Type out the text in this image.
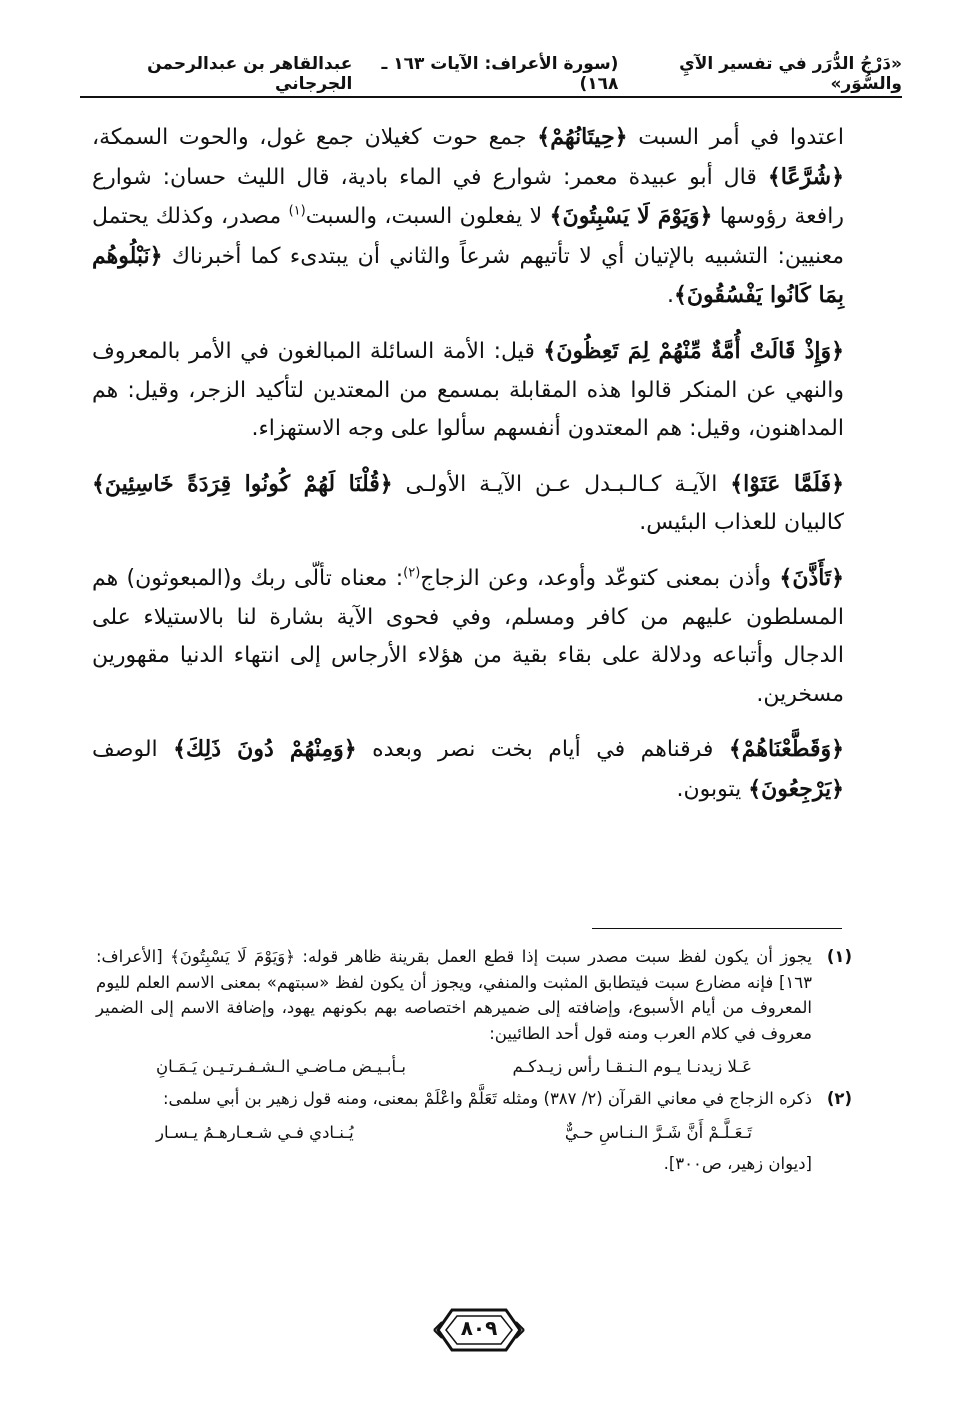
«دَرْجُ الدُّرَر في تفسير الآيِ والسُّوَر»
(سورة الأعراف: الآيات ١٦٣ ـ ١٦٨)
عبدالقاهر بن عبدالرحمن الجرجاني

اعتدوا في أمر السبت ﴿حِيتَانُهُمْ﴾ جمع حوت كغيلان جمع غول، والحوت السمكة، ﴿شُرَّعًا﴾ قال أبو عبيدة معمر: شوارع في الماء بادية، قال الليث حسان: شوارع رافعة رؤوسها ﴿وَيَوْمَ لَا يَسْبِتُونَ﴾ لا يفعلون السبت، والسبت$^{(١)}$ مصدر، وكذلك يحتمل معنيين: التشبيه بالإتيان أي لا تأتيهم شرعاً والثاني أن يبتدىء كما أخبرناك ﴿نَبْلُوهُم بِمَا كَانُوا يَفْسُقُونَ﴾.

﴿وَإِذْ قَالَتْ أُمَّةٌ مِّنْهُمْ لِمَ تَعِظُونَ﴾ قيل: الأمة السائلة المبالغون في الأمر بالمعروف والنهي عن المنكر قالوا هذه المقابلة بمسمع من المعتدين لتأكيد الزجر، وقيل: هم المداهنون، وقيل: هم المعتدون أنفسهم سألوا على وجه الاستهزاء.

﴿فَلَمَّا عَتَوْا﴾ الآيـة كـالـبـدل عـن الآيـة الأولـى ﴿قُلْنَا لَهُمْ كُونُوا قِرَدَةً خَاسِئِينَ﴾ كالبيان للعذاب البئيس.

﴿تَأَذَّنَ﴾ وأذن بمعنى كتوعّد وأوعد، وعن الزجاج$^{(٢)}$: معناه تألّى ربك و(المبعوثون) هم المسلطون عليهم من كافر ومسلم، وفي فحوى الآية بشارة لنا بالاستيلاء على الدجال وأتباعه ودلالة على بقاء بقية من هؤلاء الأرجاس إلى انتهاء الدنيا مقهورين مسخرين.

﴿وَقَطَّعْنَاهُمْ﴾ فرقناهم في أيام بخت نصر وبعده ﴿وَمِنْهُمْ دُونَ ذَلِكَ﴾ الوصف ﴿يَرْجِعُونَ﴾ يتوبون.

(١)
يجوز أن يكون لفظ سبت مصدر سبت إذا قطع العمل بقرينة ظاهر قوله: ﴿وَيَوْمَ لَا يَسْبِتُونَ﴾ [الأعراف: ١٦٣] فإنه مضارع سبت فيتطابق المثبت والمنفي، ويجوز أن يكون لفظ «سبتهم» بمعنى الاسم العلم لليوم المعروف من أيام الأسبوع، وإضافته إلى ضميرهم اختصاصه بهم بكونهم يهود، وإضافة الاسم إلى الضمير معروف في كلام العرب ومنه قول أحد الطائيين:
عَـلا زيدنـا يـوم الـنـقـا رأس زيـدكـم
بـأبـيـض مـاضـي الـشـفـرتـيـن يَـمَـانِ
(٢)
ذكره الزجاج في معاني القرآن (٢/ ٣٨٧) ومثله تَعَلَّمْ واعْلَمْ بمعنى، ومنه قول زهير بن أبي سلمى:
تَـعَـلَّـمْ أَنَّ شَـرَّ الـنـاسِ حـيٌّ
يُـنـادي فـي شـعـارهـمُ يـسـار
[ديوان زهير، ص٣٠٠].
٨٠٩
